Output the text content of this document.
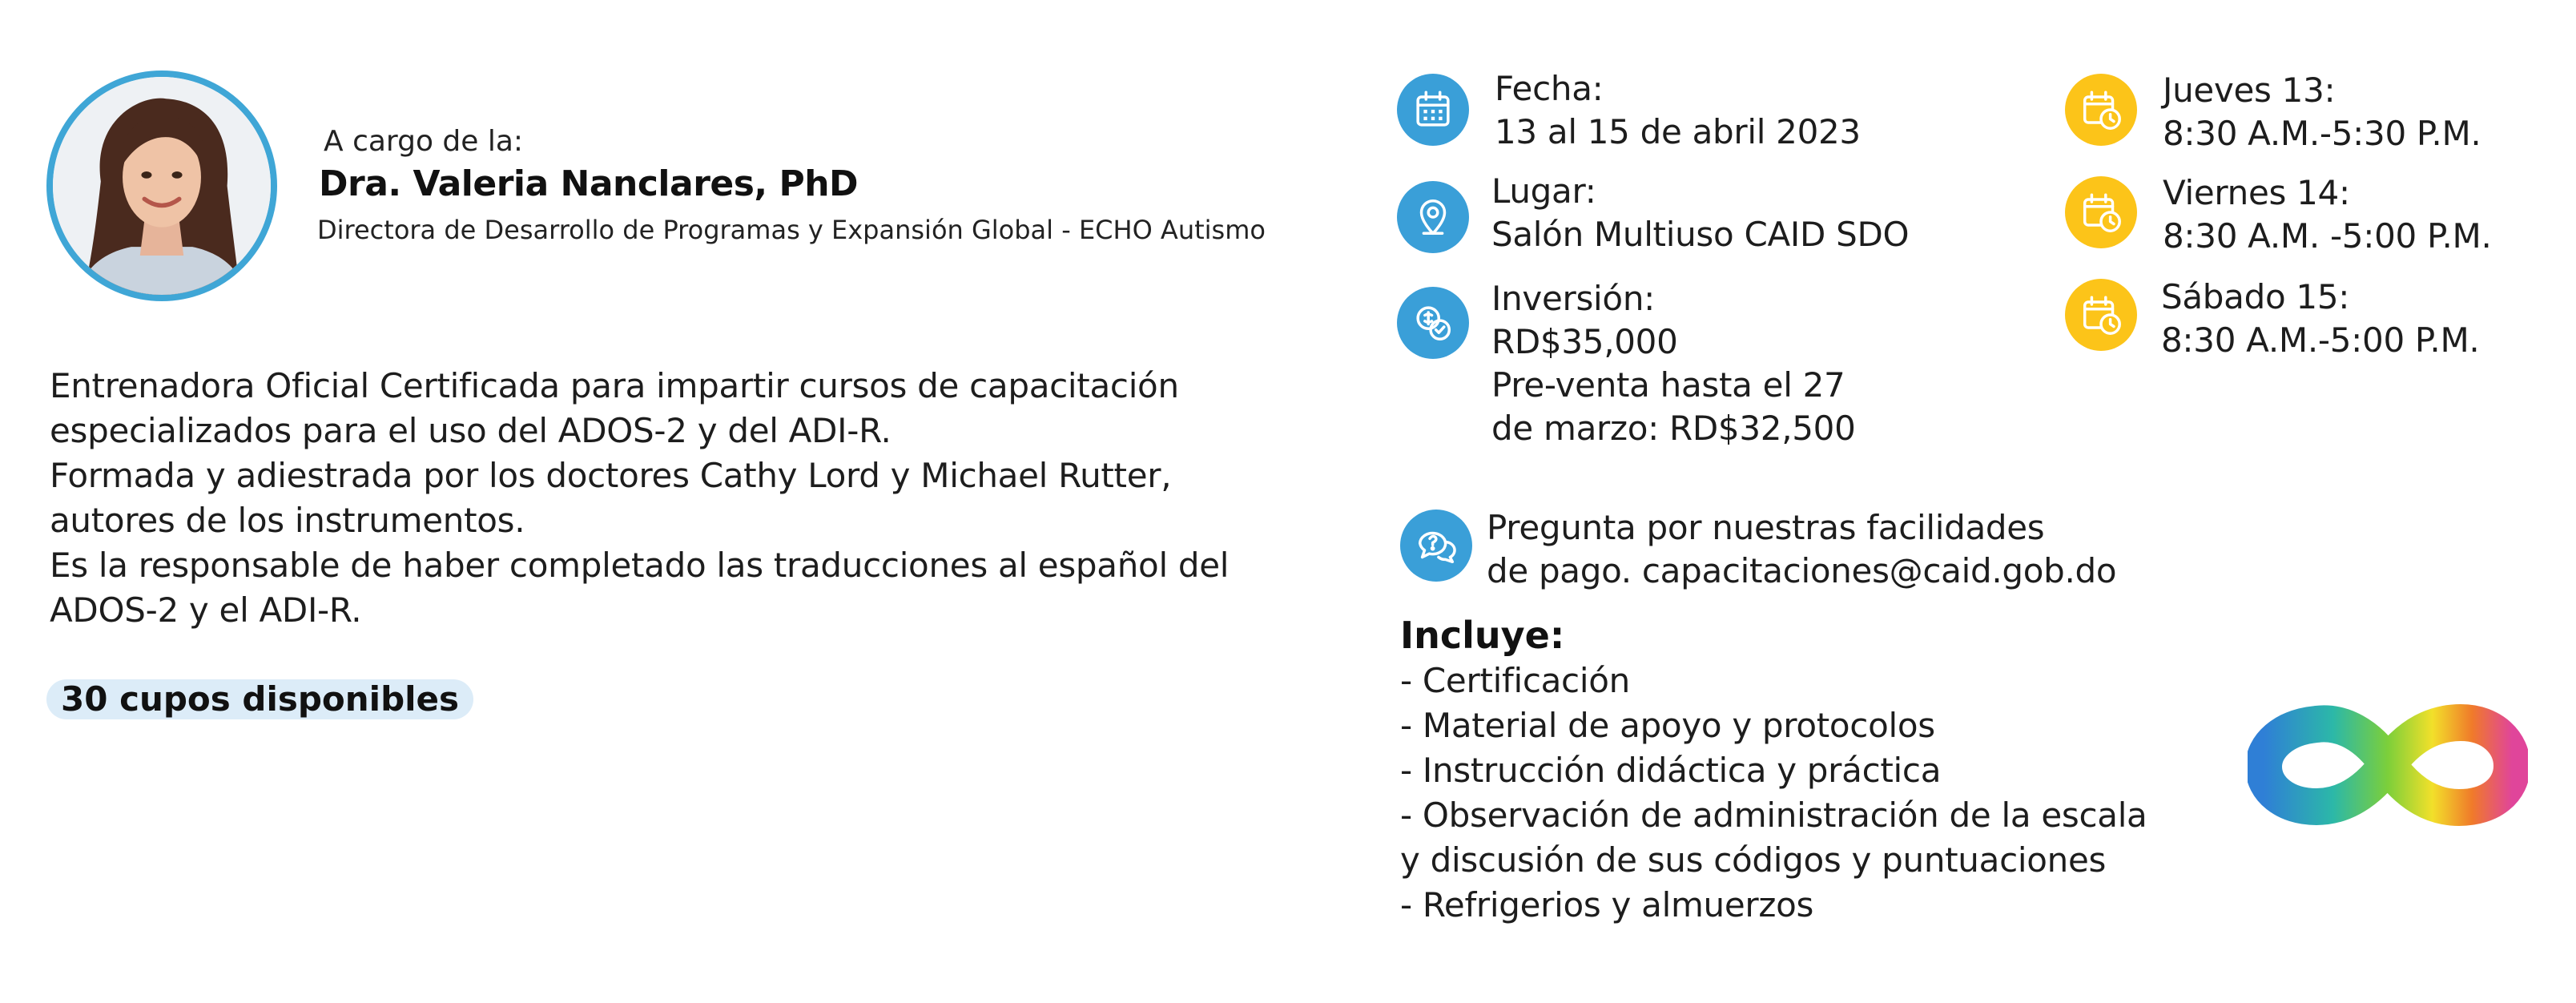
A cargo de la:
Dra. Valeria Nanclares, PhD
Directora de Desarrollo de Programas y Expansión Global - ECHO Autismo
Entrenadora Oficial Certificada para impartir cursos de capacitación
especializados para el uso del ADOS-2 y del ADI-R.
Formada y adiestrada por los doctores Cathy Lord y Michael Rutter,
autores de los instrumentos.
Es la responsable de haber completado las traducciones al español del
ADOS-2 y el ADI-R.
30 cupos disponibles
Fecha:
13 al 15 de abril 2023
Lugar:
Salón Multiuso CAID SDO
Inversión:
RD$35,000
Pre-venta hasta el 27
de marzo: RD$32,500
Pregunta por nuestras facilidades
de pago. capacitaciones@caid.gob.do
Jueves 13:
8:30 A.M.-5:30 P.M.
Viernes 14:
8:30 A.M. -5:00 P.M.
Sábado 15:
8:30 A.M.-5:00 P.M.
Incluye:
- Certificación
- Material de apoyo y protocolos
- Instrucción didáctica y práctica
- Observación de administración de la escala
y discusión de sus códigos y puntuaciones
- Refrigerios y almuerzos
